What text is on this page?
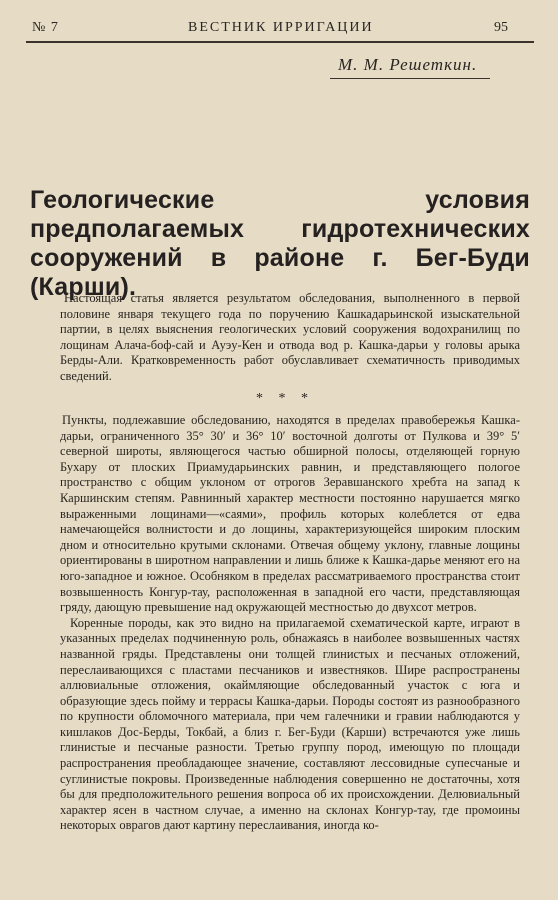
№ 7	ВЕСТНИК ИРРИГАЦИИ	95
М. М. Решеткин.
Геологические условия предполагаемых гидротехнических сооружений в районе г. Бег-Буди (Карши).
Настоящая статья является результатом обследования, выполненного в первой половине января текущего года по поручению Кашкадарьинской изыскательной партии, в целях выяснения геологических условий сооружения водохранилищ по лощинам Алача-боф-сай и Ауэу-Кен и отвода вод р. Кашка-дарьи у головы арыка Берды-Али. Кратковременность работ обуславливает схематичность приводимых сведений.
* * *

Пункты, подлежавшие обследованию, находятся в пределах правобережья Кашка-дарьи, ограниченного 35° 30′ и 36° 10′ восточной долготы от Пулкова и 39° 5′ северной широты, являющегося частью обширной полосы, отделяющей горную Бухару от плоских Приамударьинских равнин, и представляющего пологое пространство с общим уклоном от отрогов Зеравшанского хребта на запад к Каршинским степям. Равнинный характер местности постоянно нарушается мягко выраженными лощинами—«саями», профиль которых колеблется от едва намечающейся волнистости и до лощины, характеризующейся широким плоским дном и относительно крутыми склонами. Отвечая общему уклону, главные лощины ориентированы в широтном направлении и лишь ближе к Кашка-дарье меняют его на юго-западное и южное. Особняком в пределах рассматриваемого пространства стоит возвышенность Конгур-тау, расположенная в западной его части, представляющая гряду, дающую превышение над окружающей местностью до двухсот метров.

Коренные породы, как это видно на прилагаемой схематической карте, играют в указанных пределах подчиненную роль, обнажаясь в наиболее возвышенных частях названной гряды. Представлены они толщей глинистых и песчаных отложений, переслаивающихся с пластами песчаников и известняков. Шире распространены аллювиальные отложения, окаймляющие обследованный участок с юга и образующие здесь пойму и террасы Кашка-дарьи. Породы состоят из разнообразного по крупности обломочного материала, при чем галечники и гравии наблюдаются у кишлаков Дос-Берды, Токбай, а близ г. Бег-Буди (Карши) встречаются уже лишь глинистые и песчаные разности. Третью группу пород, имеющую по площади распространения преобладающее значение, составляют лессовидные супесчаные и суглинистые покровы. Произведенные наблюдения совершенно не достаточны, хотя бы для предположительного решения вопроса об их происхождении. Делювиальный характер ясен в частном случае, а именно на склонах Конгур-тау, где промоины некоторых оврагов дают картину переслаивания, иногда ко-
